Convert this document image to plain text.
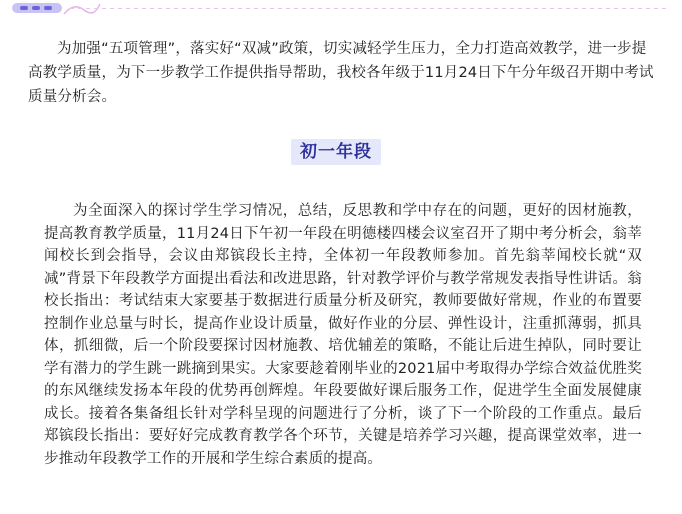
为加强“五项管理”，落实好“双减”政策，切实减轻学生压力，全力打造高效教学，进一步提高教学质量，为下一步教学工作提供指导帮助，我校各年级于11月24日下午分年级召开期中考试质量分析会。

初一年段

为全面深入的探讨学生学习情况，总结，反思教和学中存在的问题，更好的因材施教，提高教育教学质量，11月24日下午初一年段在明德楼四楼会议室召开了期中考分析会，翁莘闻校长到会指导，会议由郑镔段长主持，全体初一年段教师参加。首先翁莘闻校长就“双减”背景下年段教学方面提出看法和改进思路，针对教学评价与教学常规发表指导性讲话。翁校长指出：考试结束大家要基于数据进行质量分析及研究，教师要做好常规，作业的布置要控制作业总量与时长，提高作业设计质量，做好作业的分层、弹性设计，注重抓薄弱，抓具体，抓细微，后一个阶段要探讨因材施教、培优辅差的策略，不能让后进生掉队，同时要让学有潜力的学生跳一跳摘到果实。大家要趁着刚毕业的2021届中考取得办学综合效益优胜奖的东风继续发扬本年段的优势再创辉煌。年段要做好课后服务工作，促进学生全面发展健康成长。接着各集备组长针对学科呈现的问题进行了分析，谈了下一个阶段的工作重点。最后郑镔段长指出：要好好完成教育教学各个环节，关键是培养学习兴趣，提高课堂效率，进一步推动年段教学工作的开展和学生综合素质的提高。
